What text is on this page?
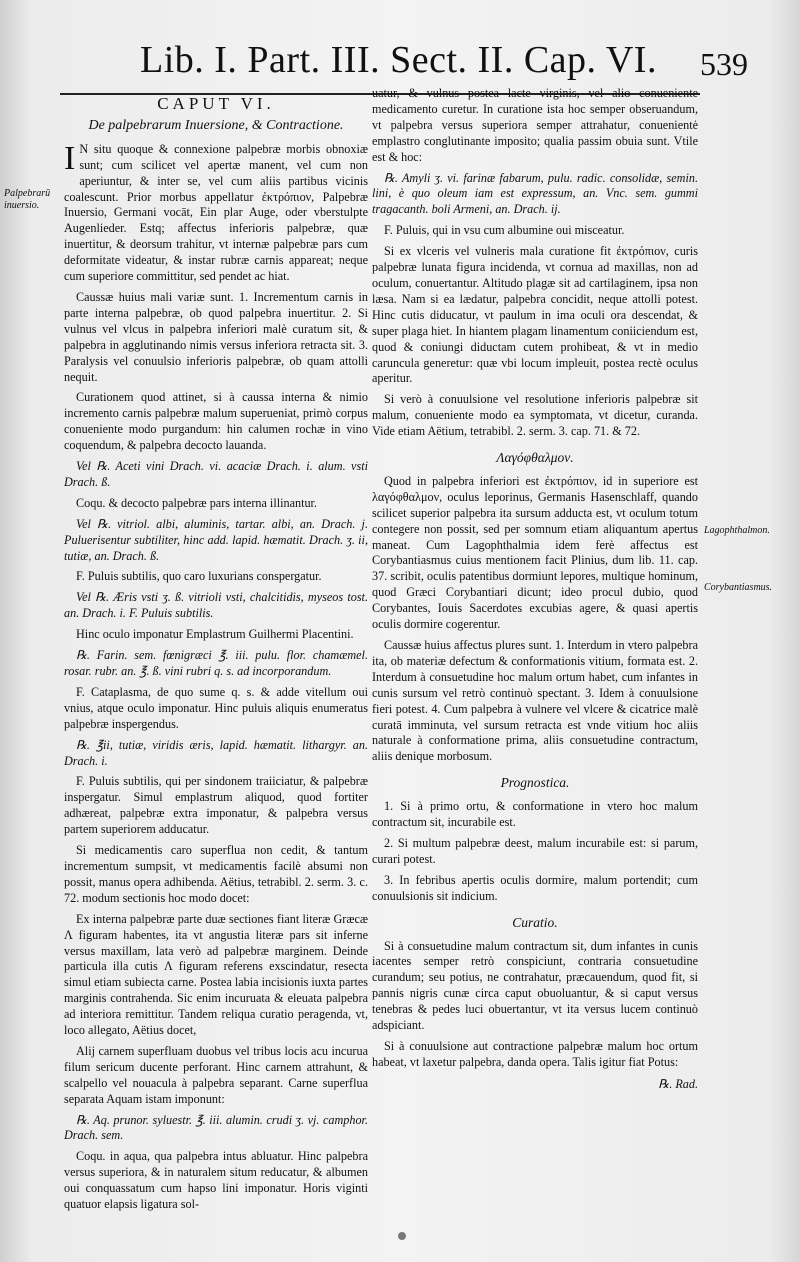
Lib. I. Part. III. Sect. II. Cap. VI.	539
Palpebrarū inuersio.
Lagophthalmon.
Corybantiasmus.
CAPUT VI.
De palpebrarum Inuersione, & Contractione.

I N situ quoque & connexione palpebræ morbis obnoxiæ sunt; cum scilicet vel apertæ manent, vel cum non aperiuntur, & inter se, vel cum aliis partibus vicinis coalescunt. Prior morbus appellatur ἐκτρόπιον, Palpebræ Inuersio, Germani vocāt, Ein plar Auge, oder vberstulpte Augenlieder. Estq; affectus inferioris palpebræ, quæ inuertitur, & deorsum trahitur, vt internæ palpebræ pars cum deformitate videatur, & instar rubræ carnis appareat; neque cum superiore committitur, sed pendet ac hiat.

Caussæ huius mali variæ sunt. 1. Incrementum carnis in parte interna palpebræ, ob quod palpebra inuertitur. 2. Si vulnus vel vlcus in palpebra inferiori malè curatum sit, & palpebra in agglutinando nimis versus inferiora retracta sit. 3. Paralysis vel conuulsio inferioris palpebræ, ob quam attolli nequit.

Curationem quod attinet, si à caussa interna & nimio incremento carnis palpebræ malum superueniat, primò corpus conueniente modo purgandum: hin calumen rochæ in vino coquendum, & palpebra decocto lauanda.

Vel ℞. Aceti vini Drach. vi. acaciæ Drach. i. alum. vsti Drach. ß.

Coqu. & decocto palpebræ pars interna illinantur.

Vel ℞. vitriol. albi, aluminis, tartar. albi, an. Drach. j. Puluerisentur subtiliter, hinc add. lapid. hæmatit. Drach. ʒ. ii, tutiæ, an. Drach. ß.

F. Puluis subtilis, quo caro luxurians conspergatur.

Vel ℞. Æris vsti ʒ. ß. vitrioli vsti, chalcitidis, myseos tost. an. Drach. i. F. Puluis subtilis.

Hinc oculo imponatur Emplastrum Guilhermi Placentini.

℞. Farin. sem. fœnigræci ℥. iii. pulu. flor. chamæmel. rosar. rubr. an. ℥. ß. vini rubri q. s. ad incorporandum.

F. Cataplasma, de quo sume q. s. & adde vitellum oui vnius, atque oculo imponatur. Hinc puluis aliquis enumeratus palpebræ inspergendus.

℞. ℥ii, tutiæ, viridis æris, lapid. hæmatit. lithargyr. an. Drach. i.

F. Puluis subtilis, qui per sindonem traiiciatur, & palpebræ inspergatur. Simul emplastrum aliquod, quod fortiter adhæreat, palpebræ extra imponatur, & palpebra versus partem superiorem adducatur.

Si medicamentis caro superflua non cedit, & tantum incrementum sumpsit, vt medicamentis facilè absumi non possit, manus opera adhibenda. Aëtius, tetrabibl. 2. serm. 3. c. 72. modum sectionis hoc modo docet:

Ex interna palpebræ parte duæ sectiones fiant literæ Græcæ Λ figuram habentes, ita vt angustia literæ pars sit inferne versus maxillam, lata verò ad palpebræ marginem. Deinde particula illa cutis Λ figuram referens exscindatur, resecta simul etiam subiecta carne. Postea labia incisionis iuxta partes marginis contrahenda. Sic enim incuruata & eleuata palpebra ad interiora remittitur. Tandem reliqua curatio peragenda, vt, loco allegato, Aëtius docet,

Alij carnem superfluam duobus vel tribus locis acu incurua filum sericum ducente perforant. Hinc carnem attrahunt, & scalpello vel nouacula à palpebra separant. Carne superflua separata Aquam istam imponunt:

℞. Aq. prunor. syluestr. ℥. iii. alumin. crudi ʒ. vj. camphor. Drach. sem.

Coqu. in aqua, qua palpebra intus abluatur. Hinc palpebra versus superiora, & in naturalem situm reducatur, & albumen oui conquassatum cum hapso lini imponatur. Horis viginti quatuor elapsis ligatura sol-

uatur, & vulnus postea lacte virginis, vel alio conueniente medicamento curetur. In curatione ista hoc semper obseruandum, vt palpebra versus superiora semper attrahatur, conuenientė emplastro conglutinante imposito; qualia passim obuia sunt. Vtile est & hoc:

℞. Amyli ʒ. vi. farinæ fabarum, pulu. radic. consolidæ, semin. lini, è quo oleum iam est expressum, an. Vnc. sem. gummi tragacanth. boli Armeni, an. Drach. ij.

F. Puluis, qui in vsu cum albumine oui miscеatur.

Si ex vlceris vel vulneris mala curatione fit ἐκτρόπιον, curis palpebræ lunata figura incidenda, vt cornua ad maxillas, non ad oculum, conuertantur. Altitudo plagæ sit ad cartilaginem, ipsa non læsa. Nam si ea lædatur, palpebra concidit, neque attolli potest. Hinc cutis diducatur, vt paulum in ima oculi ora descendat, & super plaga hiet. In hiantem plagam linamentum coniiciendum est, quod & coniungi diductam cutem prohibeat, & vt in medio caruncula generetur: quæ vbi locum impleuit, postea rectè oculus aperitur.

Si verò à conuulsione vel resolutione inferioris palpebræ sit malum, conueniente modo ea symptomata, vt dicetur, curanda. Vide etiam Aëtium, tetrabibl. 2. serm. 3. cap. 71. & 72.

Λαγόφθαλμον.

Quod in palpebra inferiori est ἐκτρόπιον, id in superiore est λαγόφθαλμον, oculus leporinus, Germanis Hasenschlaff, quando scilicet superior palpebra ita sursum adducta est, vt oculum totum contegere non possit, sed per somnum etiam aliquantum apertus maneat. Cum Lagophthalmia idem ferè affectus est Corybantiasmus cuius mentionem facit Plinius, dum lib. 11. cap. 37. scribit, oculis patentibus dormiunt lepores, multique hominum, quod Græci Corybantiari dicunt; ideo procul dubio, quod Corybantes, Iouis Sacerdotes excubias agere, & quasi apertis oculis dormire cogerentur.

Caussæ huius affectus plures sunt. 1. Interdum in vtero palpebra ita, ob materiæ defectum & conformationis vitium, formata est. 2. Interdum à consuetudine hoc malum ortum habet, cum infantes in cunis sursum vel retrò continuò spectant. 3. Idem à conuulsione fieri potest. 4. Cum palpebra à vulnere vel vlcere & cicatrice malè curatā imminuta, vel sursum retracta est vnde vitium hoc aliis naturale à conformatione prima, aliis consuetudine contractum, aliis denique morbosum.

Prognostica.

1. Si à primo ortu, & conformatione in vtero hoc malum contractum sit, incurabile est.

2. Si multum palpebræ deest, malum incurabile est: si parum, curari potest.

3. In febribus apertis oculis dormire, malum portendit; cum conuulsionis sit indicium.

Curatio.

Si à consuetudine malum contractum sit, dum infantes in cunis iacentes semper retrò conspiciunt, contraria consuetudine curandum; seu potius, ne contrahatur, præcauendum, quod fit, si pannis nigris cunæ circa caput obuoluantur, & si caput versus tenebras & pedes luci obuertantur, vt ita versus lucem continuò adspiciant.

Si à conuulsione aut contractione palpebræ malum hoc ortum habeat, vt laxetur palpebra, danda opera. Talis igitur fiat Potus:

℞. Rad.
